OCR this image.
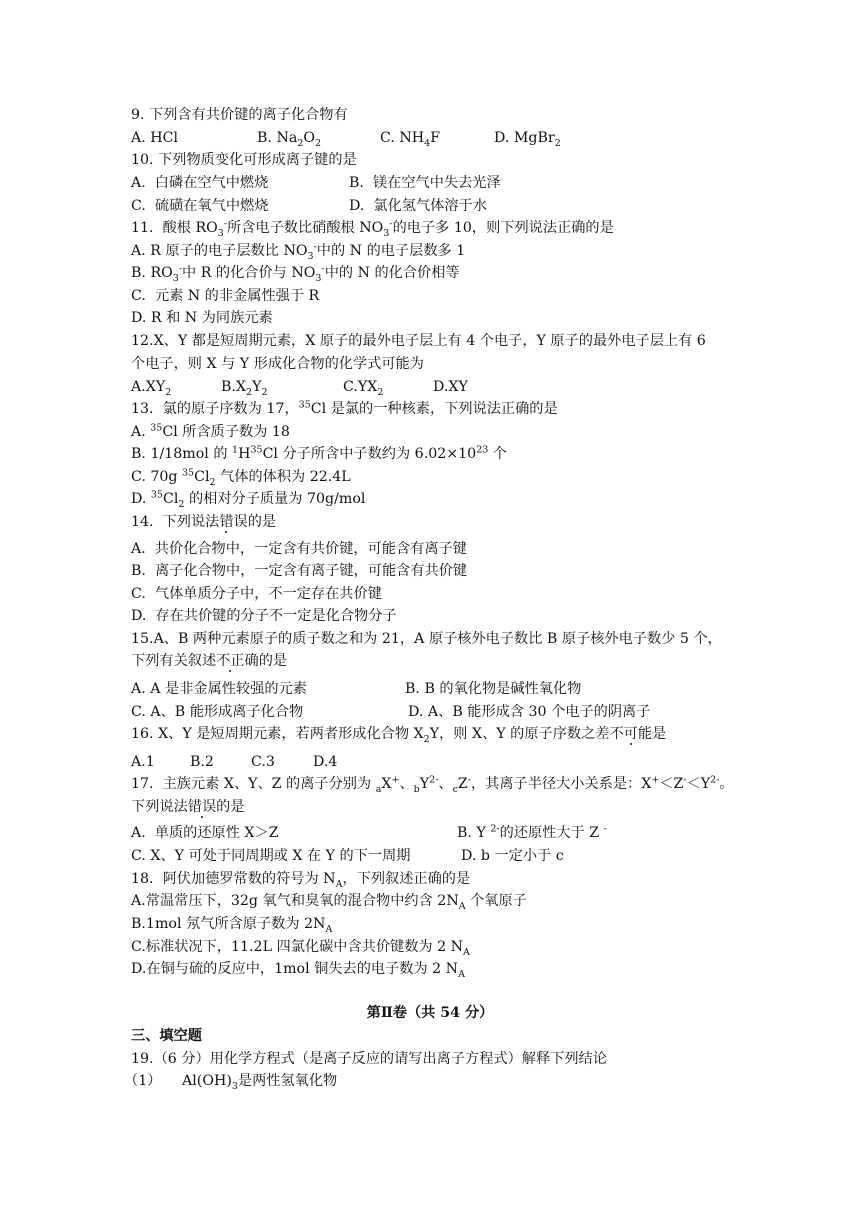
9. 下列含有共价键的离子化合物有
A. HCl	B. $Na_2O_2$	C. $NH_4F$	D. MgBr$_2$
10. 下列物质变化可形成离子键的是
A.  白磷在空气中燃烧	B.  镁在空气中失去光泽
C.  硫磺在氧气中燃烧	D.  氯化氢气体溶于水
11.  酸根 $RO_3^-$所含电子数比硝酸根 $NO_3^-$的电子多 10，则下列说法正确的是
A. R 原子的电子层数比 $NO_3^-$中的 N 的电子层数多 1
B. $RO_3^-$中 R 的化合价与 $NO_3^-$中的 N 的化合价相等
C.  元素 N 的非金属性强于 R
D. R 和 N 为同族元素
12.X、Y 都是短周期元素，X 原子的最外电子层上有 4 个电子，Y 原子的最外电子层上有 6
个电子，则 X 与 Y 形成化合物的化学式可能为
$A.XY_2$	$B.X_2Y_2$	$C.YX_2$	D.XY
13.  氯的原子序数为 17，$^{35}$Cl 是氯的一种核素，下列说法正确的是
A. $^{35}$Cl 所含质子数为 18
B. 1/18mol 的 $^1H^{35}Cl$ 分子所含中子数约为 $6.02\times 10^{23}$ 个
C. 70g $^{35}Cl_2$ 气体的体积为 22.4L
D. $^{35}Cl_2$ 的相对分子质量为 70g/mol
14.  下列说法错误的是
A.  共价化合物中，一定含有共价键，可能含有离子键
B.  离子化合物中，一定含有离子键，可能含有共价键
C.  气体单质分子中，不一定存在共价键
D.  存在共价键的分子不一定是化合物分子
15.A、B 两种元素原子的质子数之和为 21，A 原子核外电子数比 B 原子核外电子数少 5 个，
下列有关叙述不正确的是
A. A 是非金属性较强的元素	B. B 的氧化物是碱性氧化物
C. A、B 能形成离子化合物	D. A、B 能形成含 30 个电子的阴离子
16. X、Y 是短周期元素，若两者形成化合物 $X_2Y$，则 X、Y 的原子序数之差不可能是
A.1 B.2	C.3	D.4
17.  主族元素 X、Y、Z 的离子分别为 $_a$X+、$_bY^{2-}$、$_c$Z-，其离子半径大小关系是：$X^+<Z^-<Y^{2-}$。
下列说法错误的是
A.  单质的还原性 X＞Z	B. Y $^{2-}$的还原性大于 Z -
C. X、Y 可处于同周期或 X 在 Y 的下一周期	D. b 一定小于 c
18.  阿伏加德罗常数的符号为 $N_A$，下列叙述正确的是
A.常温常压下，32g 氧气和臭氧的混合物中约含 $2N_A$ 个氧原子
B.1mol 氖气所含原子数为 $2N_A$
C.标准状况下，11.2L 四氯化碳中含共价键数为 2 $N_A$
D.在铜与硫的反应中，1mol 铜失去的电子数为 2 $N_A$
第Ⅱ卷（共 54 分）
三、填空题
19.（6 分）用化学方程式（是离子反应的请写出离子方程式）解释下列结论
（1） $Al(OH)_3$是两性氢氧化物
